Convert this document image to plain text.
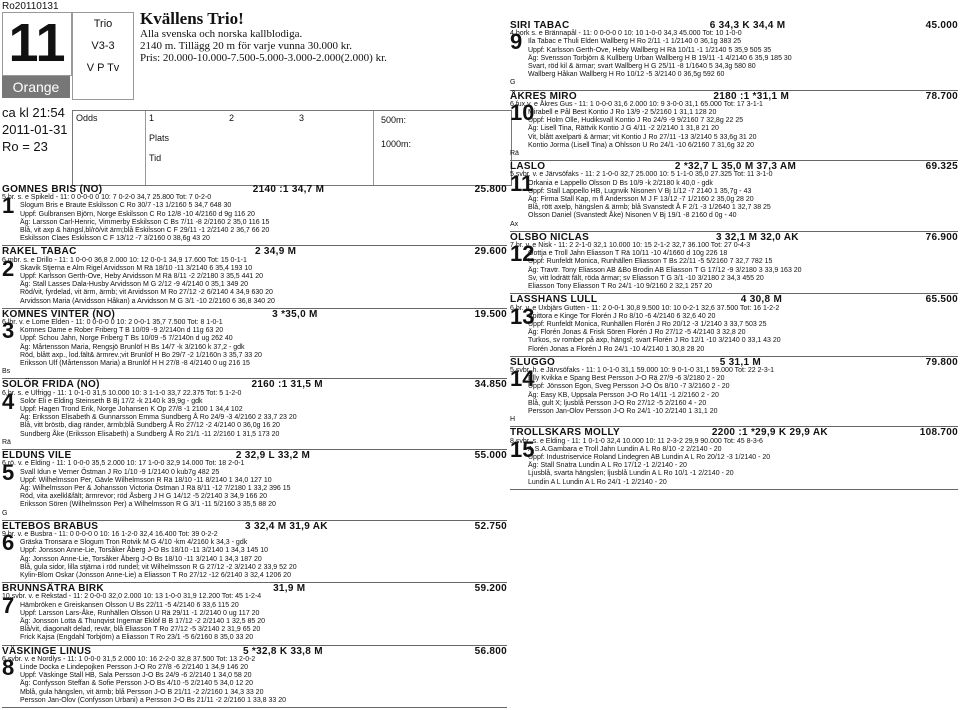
Ro20110131
11
Orange
Trio
V3-3
V P Tv
Kvällens Trio!
Alla svenska och norska kallblodiga.
2140 m. Tillägg 20 m för varje vunna 30.000 kr.
Pris: 20.000-10.000-7.500-5.000-3.000-2.000(2.000) kr.
ca kl 21:54
2011-01-31
Ro = 23
Odds	1	2	3
Plats
Tid
500m:
1000m:
GOMNES BRIS (NO)	2140 :1 34,7 M	25.800
5,br. s. e Spikeld - 11: 0 0-0-0 0 10: 7 0-2-0 34,7 25.800 Tot: 7 0-2-0
1 Slogum Bris e Braute Eskilsson C Ro 30/7 -13 1/2160 5 34,7 648 30
Uppf: Gulbransen Björn, Norge Eskilsson C Ro 12/8 -10 4/2160 d 9g 116 20
Äg: Larsson Carl-Henric, Vimmerby Eskilsson C Bs 7/11 -8 2/2160 2 35,0 116 15
Blå, vit axp & hängsl,bl/rö/vit ärm;blå Eskilsson C F 29/11 -1 2/2140 2 36,7 66 20
Eskilsson Claes Eskilsson C F 13/12 -7 3/2160 0 38,6g 43 20
RAKEL TABAC	2 34,9 M	29.600
6,mbr. s. e Drillo - 11: 1 0-0-0 36,8 2.000 10: 12 0-0-1 34,9 17.600 Tot: 15 0-1-1
2 Skavik Stjerna e Alm Rigel Arvidsson M Rä 18/10 -11 3/2140 6 35,4 193 10
Uppf: Karlsson Gerth-Ove, Heby Arvidsson M Rä 8/11 -2 2/2180 3 35,5 441 20
Äg: Stall Lasses Dala-Husby Arvidsson M G 2/12 -9 4/2140 0 35,1 349 20
Röd/vit, fyrdelad, vit ärm, ärmb; vit Arvidsson M Ro 27/12 -2 6/2140 4 34,9 630 20
Arvidsson Maria (Arvidsson Håkan) a Arvidsson M G 3/1 -10 2/2160 6 36,8 340 20
KOMNES VINTER (NO)	3 *35,0 M	19.500
6,lbr. v. e Lome Elden - 11: 0 0-0-0 0 10: 2 0-0-1 35,7 7.500 Tot: 8 1-0-1
3 Komnes Dame e Rober Friberg T B 10/09 -9 2/2140n d 11g 63 20
Uppf: Schou Jahn, Norge Friberg T Bs 10/09 -5 7/2140n d ug 262 40
Äg: Mårtensson Maria, Rengsjö Brunlöf H Bs 14/7 -k 3/2160 k 37,2 - gdk
Röd, blått axp., lod.fält& ärmrev.;vit Brunlöf H Bo 29/7 -2 1/2160n 3 35,7 33 20
Eriksson Ulf (Mårtensson Maria) a Brunlöf H H 27/8 -8 4/2140 0 ug 216 15
Bs
SOLÖR FRIDA (NO)	2160 :1 31,5 M	34.850
6,br. s. e Ulfrigg - 11: 1 0-1-0 31,5 10.000 10: 3 1-1-0 33,7 22.375 Tot: 5 1-2-0
4 Solör Eli e Elding Steinseth B Bj 17/2 -k 2140 k 39,9g - gdk
Uppf: Hagen Trond Erik, Norge Johansen K Op 27/8 -1 2100 1 34,4 102
Äg: Eriksson Elisabeth & Gunnarsson Emma Sundberg Å Ro 24/9 -3 4/2160 2 33,7 23 20
Blå, vitt bröstb, diag ränder, ärmb;blå Sundberg Å Ro 27/12 -2 4/2140 0 36,0g 16 20
Sundberg Åke (Eriksson Elisabeth) a Sundberg Å Ro 21/1 -11 2/2160 1 31,5 173 20
Rä
ELDUNS VILE	2 32,9 L 33,2 M	55.000
6,rö. v. e Elding - 11: 1 0-0-0 35,5 2.000 10: 17 1-0-0 32,9 14.000 Tot: 18 2-0-1
5 Svall Idun e Verner Östman J Ro 1/10 -9 1/2140 0 kub7g 482 25
Uppf: Wilhelmsson Per, Gävle Wilhelmsson R Rä 18/10 -11 8/2140 1 34,0 127 10
Äg: Wilhelmsson Per & Johansson Victoria Östman J Rä 8/11 -12 7/2180 1 33,2 396 15
Röd, vita axelkl&fält; ärmrevor; röd Åsberg J H G 14/12 -5 2/2140 3 34,9 166 20
Eriksson Sören (Wilhelmsson Per) a Wilhelmsson R G 3/1 -11 5/2160 3 35,5 88 20
G
ELTEBOS BRABUS	3 32,4 M 31,9 AK	52.750
9,br. v. e Busbra - 11: 0 0-0-0 0 10: 16 1-2-0 32,4 16.400 Tot: 39 0-2-2
6 Gräska Tronsara e Slogum Tron Rotvik M G 4/10 -km 4/2160 k 34,3 - gdk
Uppf: Jonsson Anne-Lie, Torsåker Åberg J-O Bs 18/10 -11 3/2140 1 34,3 145 10
Äg: Jonsson Anne-Lie, Torsåker Åberg J-O Bs 18/10 -11 3/2140 1 34,3 187 20
Blå, gula sidor, lilla stjärna i röd rundel; vit Wilhelmsson R G 27/12 -2 3/2140 2 33,9 52 20
Kylin-Blom Oskar (Jonsson Anne-Lie) a Eliasson T Ro 27/12 -12 6/2140 3 32,4 1206 20
BRUNNSÄTRA BIRK	31,9 M	59.200
10,svbr. v. e Rekstad - 11: 2 0-0-0 32,0 2.000 10: 13 1-0-0 31,9 12.200 Tot: 45 1-2-4
7 Hämbröken e Greiskansen Olsson U Bs 22/11 -5 4/2140 6 33,6 115 20
Uppf: Larsson Lars-Åke, Runhällen Olsson U Rä 29/11 -1 2/2140 0 ug 117 20
Äg: Jonsson Lotta & Thunqvist Ingemar Eklöf B B 17/12 -2 2/2140 1 32,5 85 20
Blå/vit, diagonalt delad, revär, blå Eliasson T Ro 27/12 -5 3/2140 2 31,9 65 20
Frick Kajsa (Engdahl Torbjörn) a Eliasson T Ro 23/1 -5 6/2160 8 35,0 33 20
VÄSKINGE LINUS	5 *32,8 K 33,8 M	56.800
6,svbr. v. e Nordlys - 11: 1 0-0-0 31,5 2.000 10: 16 2-2-0 32,8 37.500 Tot: 13 2-0-2
8 Linde Docka e Lindepojken Persson J-O Ro 27/8 -6 2/2140 1 34,9 146 20
Uppf: Väskinge Stall HB, Sala Persson J-O Bs 24/9 -6 2/2140 1 34,0 58 20
Äg: Confysson Steffan & Sofie Persson J-O Bs 4/10 -5 2/2140 5 34,0 12 20
Mblå, gula hängslen, vit ärmb; blå Persson J-O B 21/11 -2 2/2160 1 34,3 33 20
Persson Jan-Olov (Confysson Urbani) a Persson J-O Bs 21/11 -2 2/2160 1 33,8 33 20
SIRI TABAC	6 34,3 K 34,4 M	45.000
4,bork s. e Brännapål - 11: 0 0-0-0 0 10: 10 1-0-0 34,3 45.000 Tot: 10 1-0-0
9 Ila Tabac e Thuli Elden Wallberg H Ro 2/11 -1 1/2140 0 36,1g 383 25
Uppf: Karlsson Gerth-Ove, Heby Wallberg H Rä 10/11 -1 1/2140 5 35,9 505 35
Äg: Svensson Torbjörn & Kullberg Urban Wallberg H B 19/11 -1 4/2140 6 35,9 185 30
Svart, röd kil & ärmar; svart Wallberg H G 25/11 -8 1/1640 5 34,3g 580 80
Wallberg Håkan Wallberg H Ro 10/12 -5 3/2140 0 36,5g 592 60
G
ÅKRES MIRO	2180 :1 *31,1 M	78.700
6,fux v. e Åkres Gus - 11: 1 0-0-0 31,6 2.000 10: 9 3-0-0 31,1 65.000 Tot: 17 3-1-1
10
Mirabell e Pål Best Kontio J Ro 13/9 -2 5/2160 1 31,1 128 20
Uppf: Holm Olle, Hudiksvall Kontio J Ro 24/9 -9 9/2160 7 32,8g 22 25
Äg: Lisell Tina, Rättvik Kontio J G 4/11 -2 2/2140 1 31,8 21 20
Vit, blått axelparti & ärmar; vit Kontio J Ro 27/11 -13 3/2140 5 33,6g 31 20
Kontio Jorma (Lisell Tina) a Ohlsson U Ro 24/1 -10 6/2160 7 31,6g 32 20
Rä
LASLO	2 *32,7 L 35,0 M 37,3 AM	69.325
5,svbr. v. e Järvsöfaks - 11: 2 1-0-0 32,7 25.000 10: 5 1-1-0 35,0 27.325 Tot: 11 3-1-0
11
Orkania e Lappello Olsson D Bs 10/9 -k 2/2180 k 40,0 - gdk
Uppf: Stall Lappello HB, Lugnvik Nisonen V Bj 1/12 -7 2140 1 35,7g - 43
Äg: Firma Stall Kap, m fl Andersson M J F 13/12 -7 1/2160 2 35,0g 28 20
Blå, rött axelp, hängslen & ärmb; blå Svanstedt Å F 2/1 -3 1/2640 1 32,7 38 25
Olsson Daniel (Svanstedt Åke) Nisonen V Bj 19/1 -8 2160 d 0g - 40
Ax
OLSBO NICLAS	3 32,1 M 32,0 AK	76.900
7,br. v. e Nisk - 11: 2 2-1-0 32,1 10.000 10: 15 2-1-2 32,7 36.100 Tot: 27 0-4-3
12
Gottja e Troll Jahn Eliasson T Rä 10/11 -10 4/1660 d 10g 226 18
Uppf: Runfeldt Monica, Runhällen Eliasson T Bs 22/11 -5 5/2160 7 32,7 782 15
Äg: Travtr. Tony Eliasson AB &Bo Brodin AB Eliasson T G 17/12 -9 3/2180 3 33,9 163 20
Sv, vitt lodrätt fält, röda ärmar; sv Eliasson T G 3/1 -10 3/2180 2 34,3 455 20
Eliasson Tony Eliasson T Ro 24/1 -10 9/2160 2 32,1 257 20
LASSHANS LULL	4 30,8 M	65.500
6,br. v. e Uxbjärs Gutten - 11: 2 0-0-1 30,8 9.500 10: 10 0-2-1 32,6 37.500 Tot: 16 1-2-2
13
Spittora e Kinge Tor Florén J Ro 8/10 -6 4/2140 6 32,6 40 20
Uppf: Runfeldt Monica, Runhällen Florén J Ro 20/12 -3 1/2140 3 33,7 503 25
Äg: Florén Jonas & Frisk Sören Florén J Ro 27/12 -5 4/2140 3 32,8 20
Turkos, sv romber på axp, hängsl; svart Florén J Ro 12/1 -10 3/2140 0 33,1 43 20
Florén Jonas a Florén J Ro 24/1 -10 4/2140 1 30,8 28 20
SLUGGO	5 31,1 M	79.800
5,svbr. h. e Järvsöfaks - 11: 1 0-1-0 31,1 59.000 10: 9 0-1-0 31,1 59.000 Tot: 22 2-3-1
14
Elly Kvikka e Spang Best Persson J-O Rä 27/9 -6 3/2180 2 - 20
Uppf: Jönsson Egon, Sveg Persson J-O Ös 8/10 -7 3/2160 2 - 20
Äg: Easy KB, Uppsala Persson J-O Ro 14/11 -1 2/2160 2 - 20
Blå, gult X; ljusblå Persson J-O Ro 27/12 -5 2/2160 4 - 20
Persson Jan-Olov Persson J-O Ro 24/1 -10 2/2140 1 31,1 20
H
TROLLSKARS MOLLY	2200 :1 *29,9 K 29,9 AK	108.700
8,svbr. s. e Elding - 11: 1 0-1-0 32,4 10.000 10: 11 2-3-2 29,9 90.000 Tot: 45 8-3-6
15
A.S.A.Gambara e Troll Jahn Lundin A L Ro 8/10 -2 2/2140 - 20
Uppf: Industriservice Roland Lindegren AB Lundin A L Ro 20/12 -3 1/2140 - 20
Äg: Stall Snatra Lundin A L Ro 17/12 -1 2/2140 - 20
Ljusblå, svarta hängslen; ljusblå Lundin A L Ro 10/1 -1 2/2140 - 20
Lundin A L Lundin A L Ro 24/1 -1 2/2140 - 20
